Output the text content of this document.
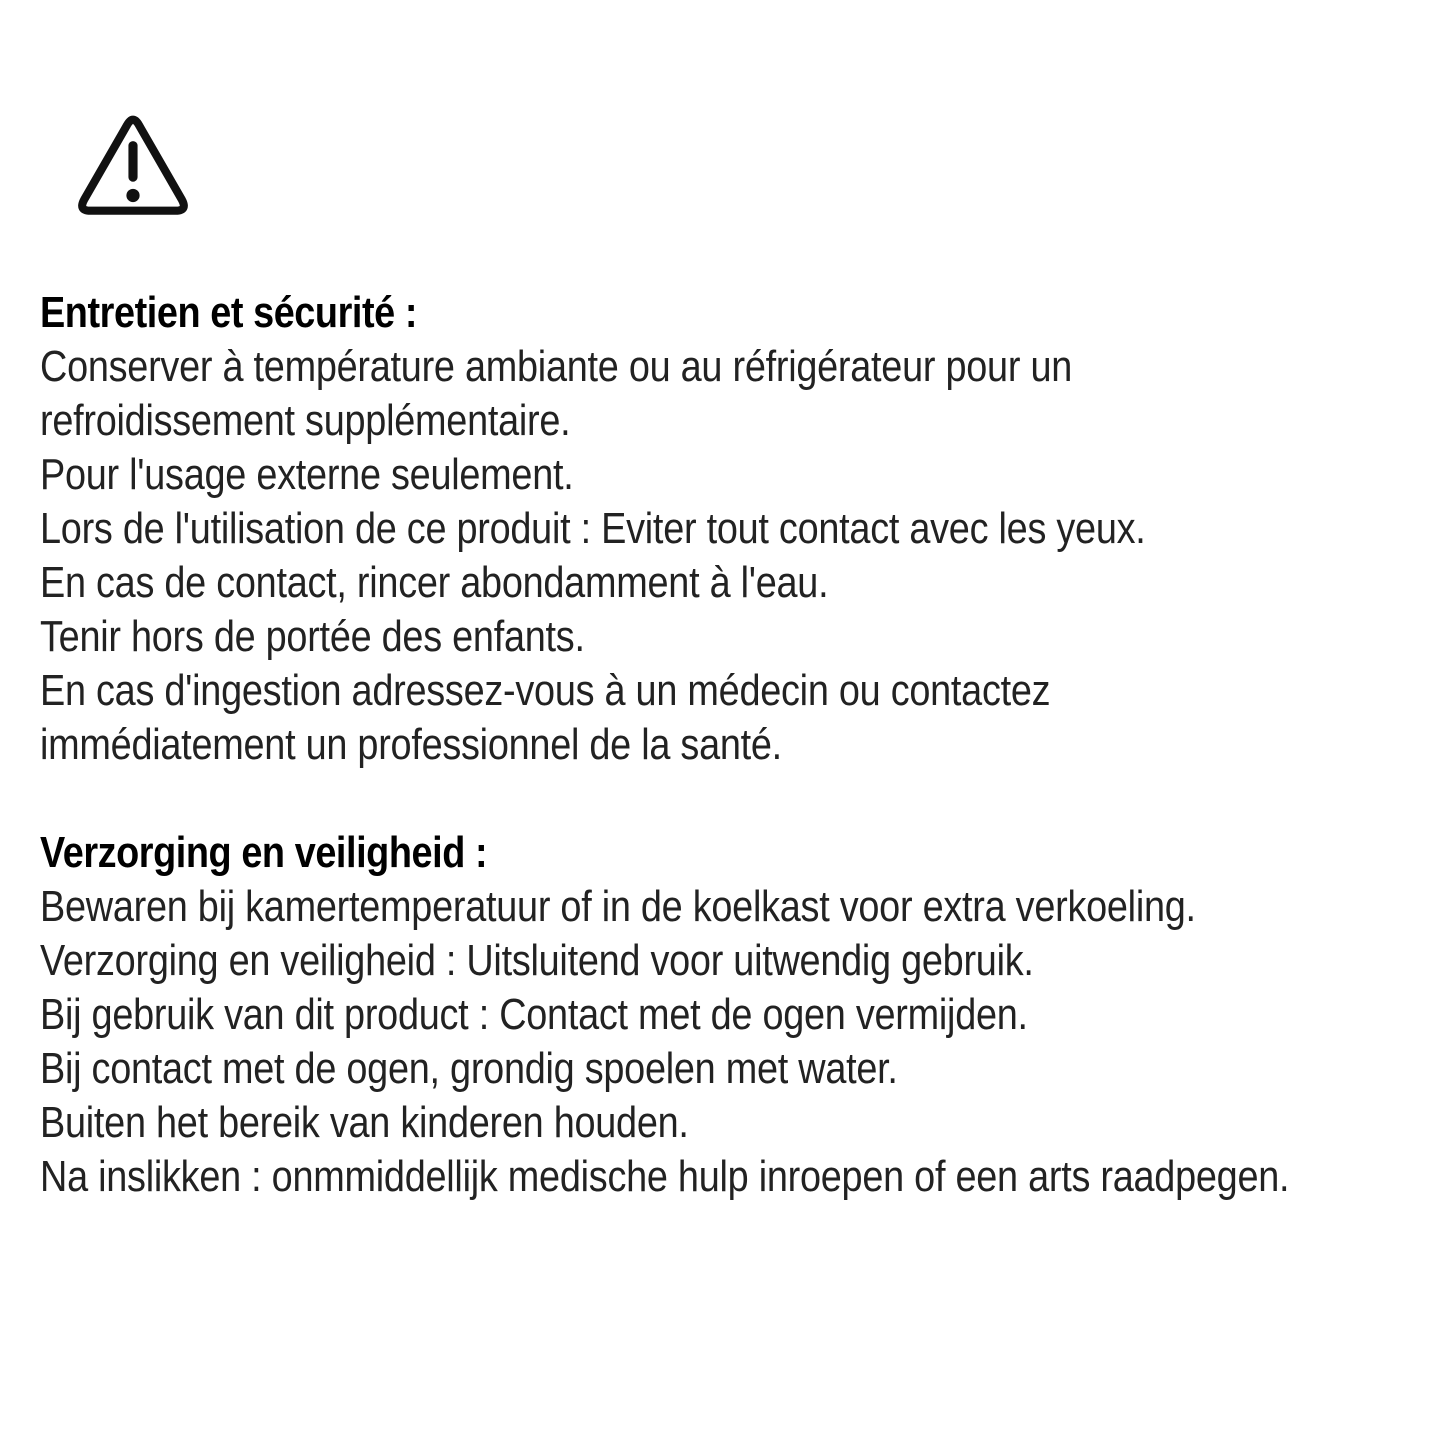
Entretien et sécurité :
Conserver à température ambiante ou au réfrigérateur pour un
refroidissement supplémentaire.
Pour l'usage externe seulement.
Lors de l'utilisation de ce produit : Eviter tout contact avec les yeux.
En cas de contact, rincer abondamment à l'eau.
Tenir hors de portée des enfants.
En cas d'ingestion adressez-vous à un médecin ou contactez
immédiatement un professionnel de la santé.
Verzorging en veiligheid :
Bewaren bij kamertemperatuur of in de koelkast voor extra verkoeling.
Verzorging en veiligheid : Uitsluitend voor uitwendig gebruik.
Bij gebruik van dit product : Contact met de ogen vermijden.
Bij contact met de ogen, grondig spoelen met water.
Buiten het bereik van kinderen houden.
Na inslikken : onmmiddellijk medische hulp inroepen of een arts raadpegen.
